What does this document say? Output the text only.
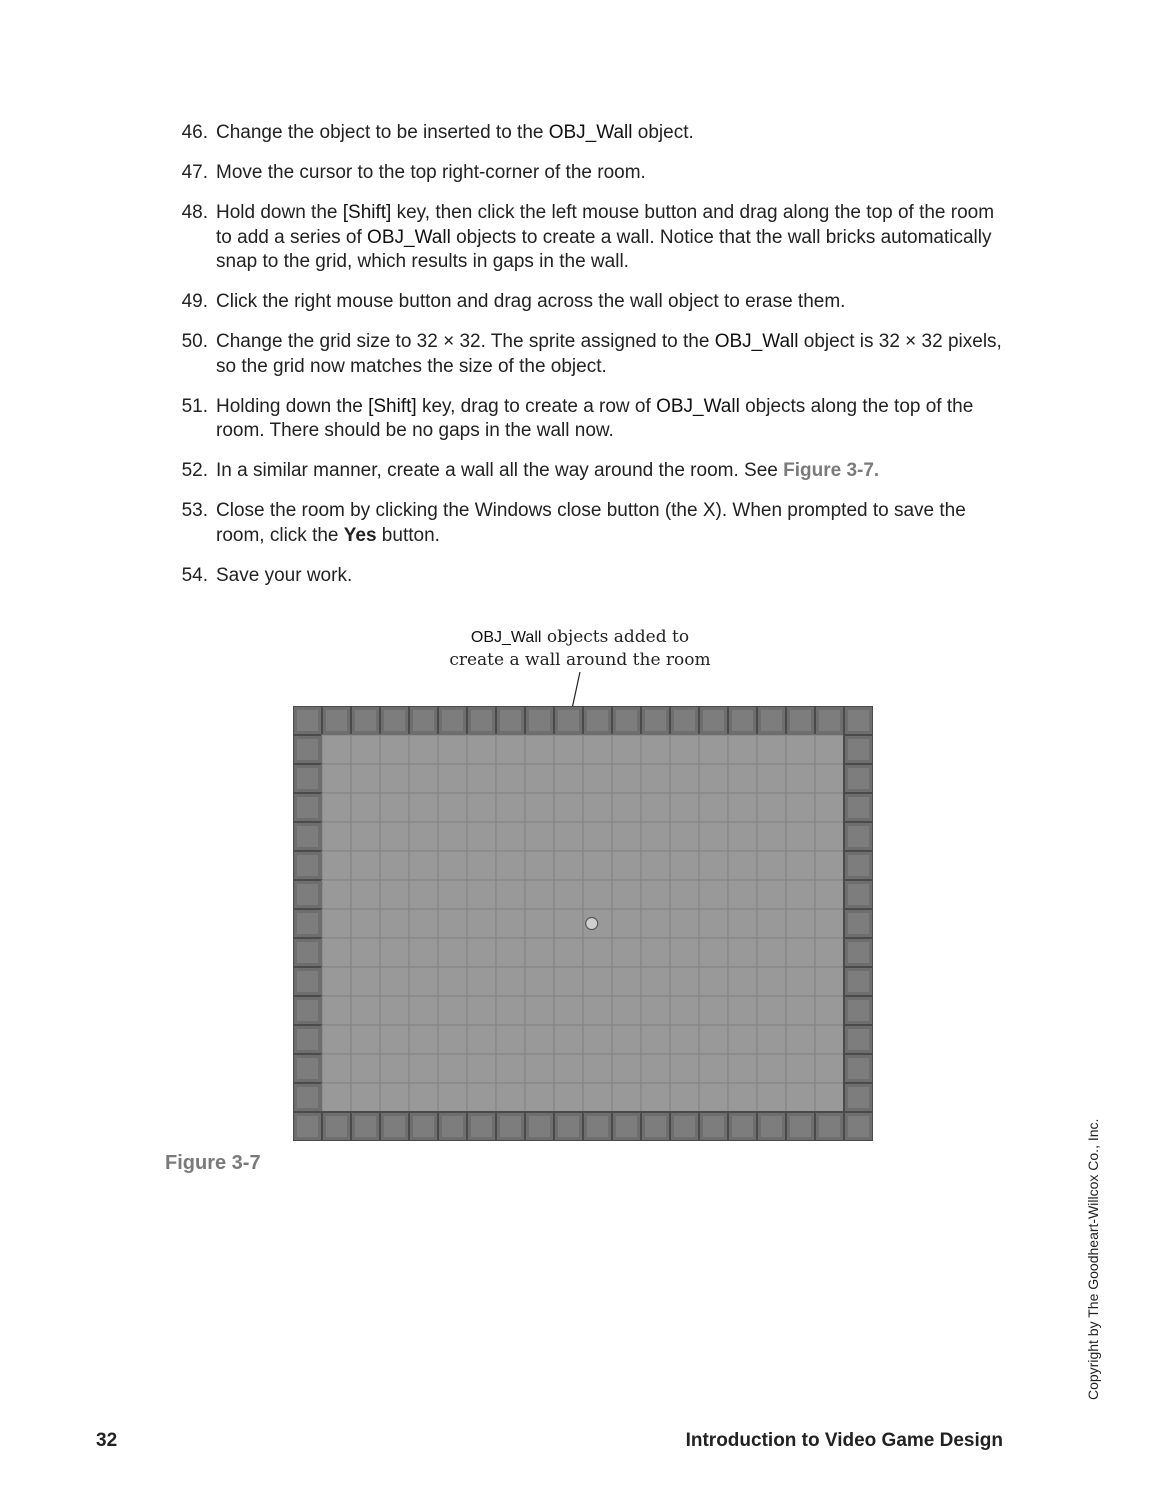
46. Change the object to be inserted to the OBJ_Wall object.
47. Move the cursor to the top right-corner of the room.
48. Hold down the [Shift] key, then click the left mouse button and drag along the top of the room to add a series of OBJ_Wall objects to create a wall. Notice that the wall bricks automatically snap to the grid, which results in gaps in the wall.
49. Click the right mouse button and drag across the wall object to erase them.
50. Change the grid size to 32 × 32. The sprite assigned to the OBJ_Wall object is 32 × 32 pixels, so the grid now matches the size of the object.
51. Holding down the [Shift] key, drag to create a row of OBJ_Wall objects along the top of the room. There should be no gaps in the wall now.
52. In a similar manner, create a wall all the way around the room. See Figure 3-7.
53. Close the room by clicking the Windows close button (the X). When prompted to save the room, click the Yes button.
54. Save your work.
OBJ_Wall objects added to
create a wall around the room
Figure 3-7	Copyright by The Goodheart-Willcox Co., Inc.
32	Introduction to Video Game Design
